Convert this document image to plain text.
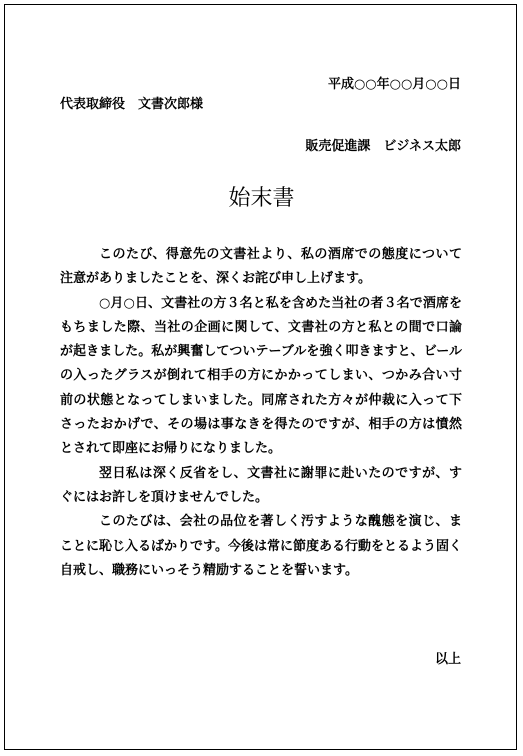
平成○○年○○月○○日
代表取締役　文書次郎様
販売促進課　ビジネス太郎
始末書

このたび、得意先の文書社より、私の酒席での態度について注意がありましたことを、深くお詫び申し上げます。

○月○日、文書社の方３名と私を含めた当社の者３名で酒席をもちました際、当社の企画に関して、文書社の方と私との間で口論が起きました。私が興奮してついテーブルを強く叩きますと、ビールの入ったグラスが倒れて相手の方にかかってしまい、つかみ合い寸前の状態となってしまいました。同席された方々が仲裁に入って下さったおかげで、その場は事なきを得たのですが、相手の方は憤然とされて即座にお帰りになりました。

翌日私は深く反省をし、文書社に謝罪に赴いたのですが、すぐにはお許しを頂けませんでした。

このたびは、会社の品位を著しく汚すような醜態を演じ、まことに恥じ入るばかりです。今後は常に節度ある行動をとるよう固く自戒し、職務にいっそう精励することを誓います。

以上
